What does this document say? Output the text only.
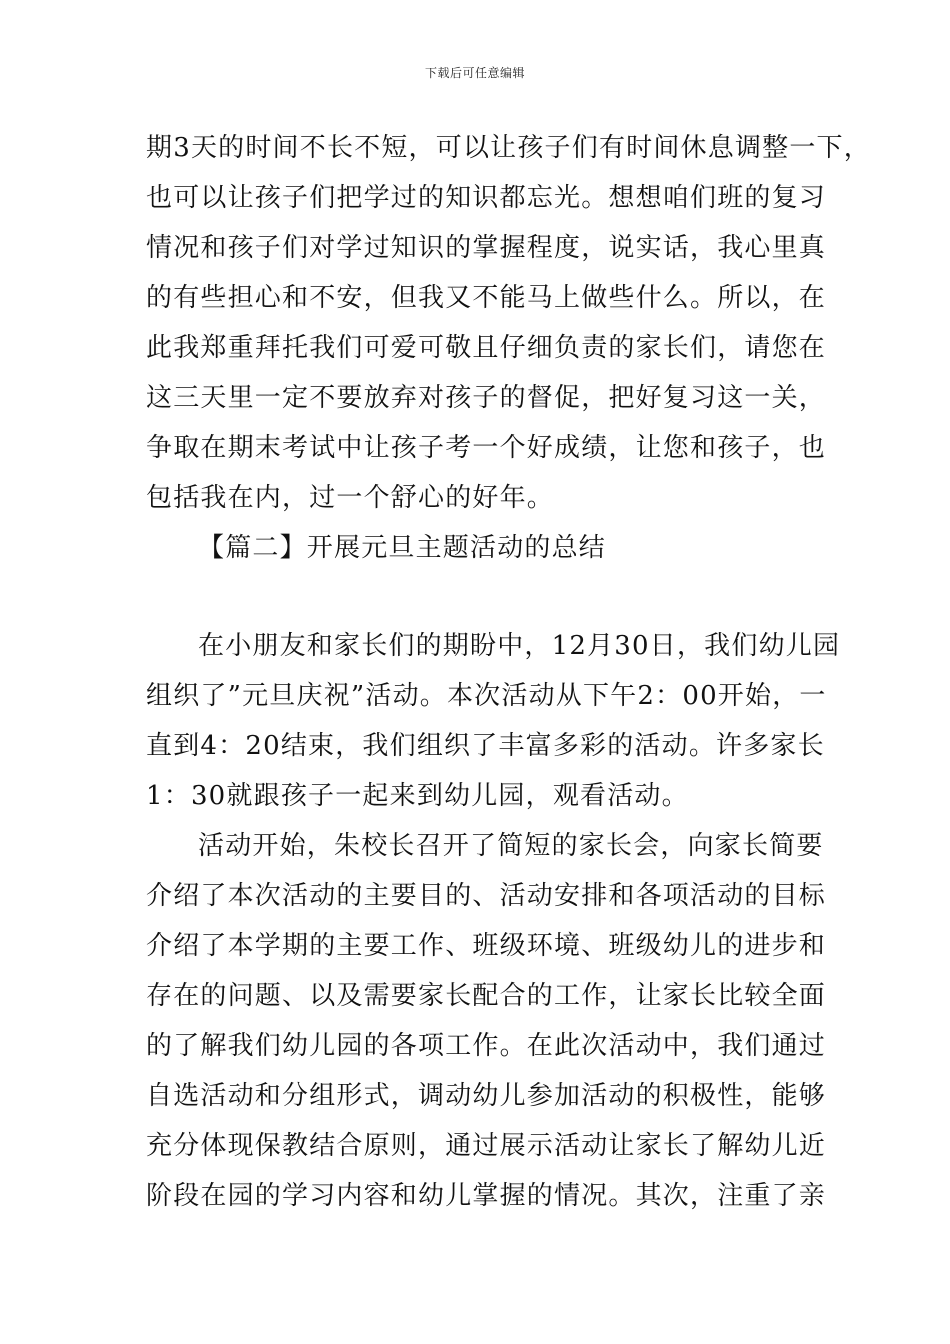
下载后可任意编辑
期3天的时间不长不短，可以让孩子们有时间休息调整一下，
也可以让孩子们把学过的知识都忘光。想想咱们班的复习
情况和孩子们对学过知识的掌握程度，说实话，我心里真
的有些担心和不安，但我又不能马上做些什么。所以，在
此我郑重拜托我们可爱可敬且仔细负责的家长们，请您在
这三天里一定不要放弃对孩子的督促，把好复习这一关，
争取在期末考试中让孩子考一个好成绩，让您和孩子，也
包括我在内，过一个舒心的好年。
【篇二】开展元旦主题活动的总结
在小朋友和家长们的期盼中，12月30日，我们幼儿园
组织了”元旦庆祝”活动。本次活动从下午2：00开始，一
直到4：20结束，我们组织了丰富多彩的活动。许多家长
1：30就跟孩子一起来到幼儿园，观看活动。
活动开始，朱校长召开了简短的家长会，向家长简要
介绍了本次活动的主要目的、活动安排和各项活动的目标
介绍了本学期的主要工作、班级环境、班级幼儿的进步和
存在的问题、以及需要家长配合的工作，让家长比较全面
的了解我们幼儿园的各项工作。在此次活动中，我们通过
自选活动和分组形式，调动幼儿参加活动的积极性，能够
充分体现保教结合原则，通过展示活动让家长了解幼儿近
阶段在园的学习内容和幼儿掌握的情况。其次，注重了亲
